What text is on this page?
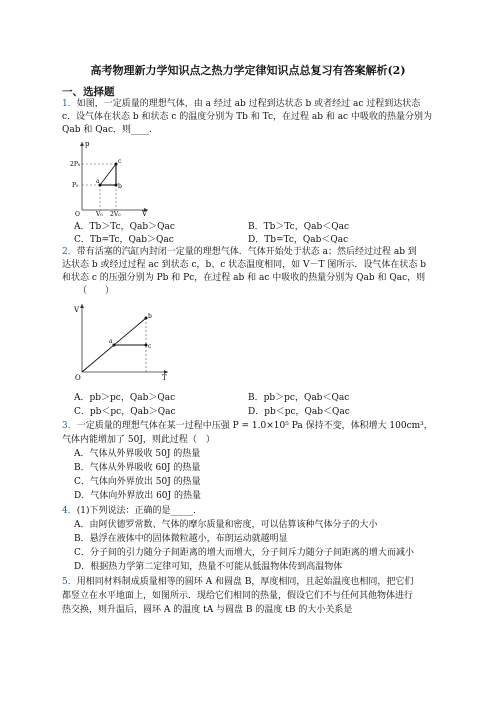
高考物理新力学知识点之热力学定律知识点总复习有答案解析(2)
一、选择题
1．如图，一定质量的理想气体，由 a 经过 ab 过程到达状态 b 或者经过 ac 过程到达状态
c．设气体在状态 b 和状态 c 的温度分别为 Tb 和 Tc，在过程 ab 和 ac 中吸收的热量分别为
Qab 和 Qac．则____.
p
2P₀
P₀
V₀ 2V₀	V
O
a
b
c
A．Tb＞Tc，Qab＞Qac	B．Tb＞Tc，Qab＜Qac
C．Tb=Tc，Qab＞Qac	D．Tb=Tc，Qab＜Qac
2．带有活塞的汽缸内封闭一定量的理想气体．气体开始处于状态 a；然后经过过程 ab 到
达状态 b 或经过过程 ac 到状态 c，b、c 状态温度相同，如 V－T 图所示．设气体在状态 b
和状态 c 的压强分别为 Pb 和 Pc，在过程 ab 和 ac 中吸收的热量分别为 Qab 和 Qac，则
（　　）
V
T
O
a
b
c
A．pb＞pc，Qab＞Qac	B．pb＞pc，Qab＜Qac
C．pb＜pc，Qab＞Qac	D．pb＜pc，Qab＜Qac
3．一定质量的理想气体在某一过程中压强 P = 1.0×10⁵ Pa 保持不变，体积增大 100cm³，
气体内能增加了 50J，则此过程（　）
A．气体从外界吸收 50J 的热量
B．气体从外界吸收 60J 的热量
C．气体向外界放出 50J 的热量
D．气体向外界放出 60J 的热量
4．(1)下列说法：正确的是_____.
A．由阿伏德罗常数、气体的摩尔质量和密度，可以估算该种气体分子的大小
B．悬浮在液体中的固体微粒越小，布朗运动就越明显
C．分子间的引力随分子间距离的增大而增大，分子间斥力随分子间距离的增大而减小
D．根据热力学第二定律可知，热量不可能从低温物体传到高温物体
5．用相同材料制成质量相等的圆环 A 和圆盘 B，厚度相同，且起始温度也相同，把它们
都竖立在水平地面上，如图所示．现给它们相同的热量，假设它们不与任何其他物体进行
热交换，则升温后，圆环 A 的温度 tA 与圆盘 B 的温度 tB 的大小关系是
